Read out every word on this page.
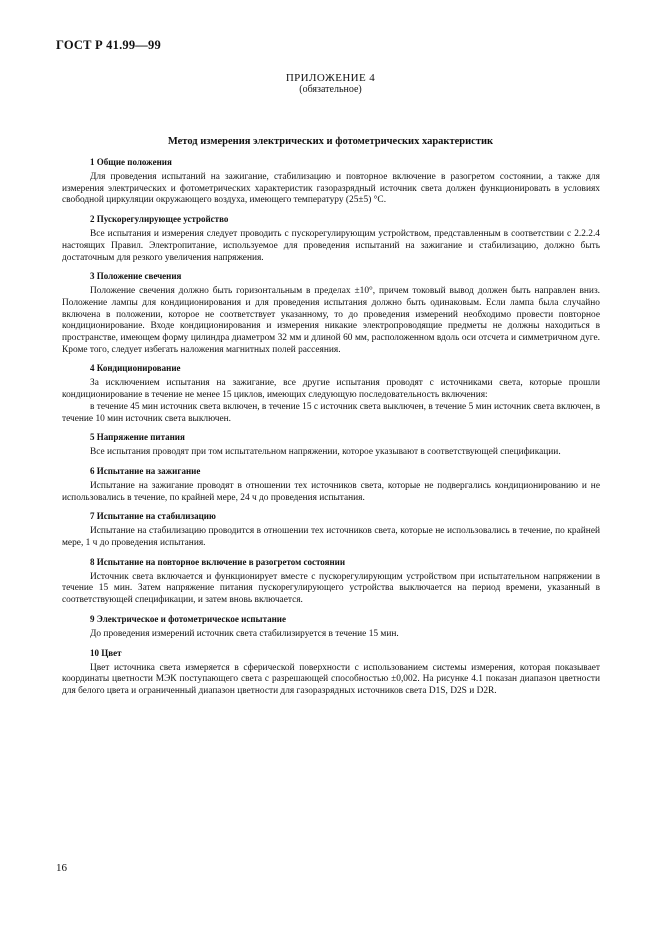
ГОСТ Р 41.99—99
ПРИЛОЖЕНИЕ 4
(обязательное)
Метод измерения электрических и фотометрических характеристик
1 Общие положения

Для проведения испытаний на зажигание, стабилизацию и повторное включение в разогретом состоянии, а также для измерения электрических и фотометрических характеристик газоразрядный источник света должен функционировать в условиях свободной циркуляции окружающего воздуха, имеющего температуру (25±5) °С.

2 Пускорегулирующее устройство

Все испытания и измерения следует проводить с пускорегулирующим устройством, представленным в соответствии с 2.2.2.4 настоящих Правил. Электропитание, используемое для проведения испытаний на зажигание и стабилизацию, должно быть достаточным для резкого увеличения напряжения.

3 Положение свечения

Положение свечения должно быть горизонтальным в пределах ±10°, причем токовый вывод должен быть направлен вниз. Положение лампы для кондиционирования и для проведения испытания должно быть одинаковым. Если лампа была случайно включена в положении, которое не соответствует указанному, то до проведения измерений необходимо провести повторное кондиционирование. Входе кондиционирования и измерения никакие электропроводящие предметы не должны находиться в пространстве, имеющем форму цилиндра диаметром 32 мм и длиной 60 мм, расположенном вдоль оси отсчета и симметричном дуге. Кроме того, следует избегать наложения магнитных полей рассеяния.

4 Кондиционирование

За исключением испытания на зажигание, все другие испытания проводят с источниками света, которые прошли кондиционирование в течение не менее 15 циклов, имеющих следующую последовательность включения:

в течение 45 мин источник света включен, в течение 15 с источник света выключен, в течение 5 мин источник света включен, в течение 10 мин источник света выключен.

5 Напряжение питания

Все испытания проводят при том испытательном напряжении, которое указывают в соответствующей спецификации.

6 Испытание на зажигание

Испытание на зажигание проводят в отношении тех источников света, которые не подвергались кондиционированию и не использовались в течение, по крайней мере, 24 ч до проведения испытания.

7 Испытание на стабилизацию

Испытание на стабилизацию проводится в отношении тех источников света, которые не использовались в течение, по крайней мере, 1 ч до проведения испытания.

8 Испытание на повторное включение в разогретом состоянии

Источник света включается и функционирует вместе с пускорегулирующим устройством при испытательном напряжении в течение 15 мин. Затем напряжение питания пускорегулирующего устройства выключается на период времени, указанный в соответствующей спецификации, и затем вновь включается.

9 Электрическое и фотометрическое испытание

До проведения измерений источник света стабилизируется в течение 15 мин.

10 Цвет

Цвет источника света измеряется в сферической поверхности с использованием системы измерения, которая показывает координаты цветности МЭК поступающего света с разрешающей способностью ±0,002. На рисунке 4.1 показан диапазон цветности для белого цвета и ограниченный диапазон цветности для газоразрядных источников света D1S, D2S и D2R.

16
